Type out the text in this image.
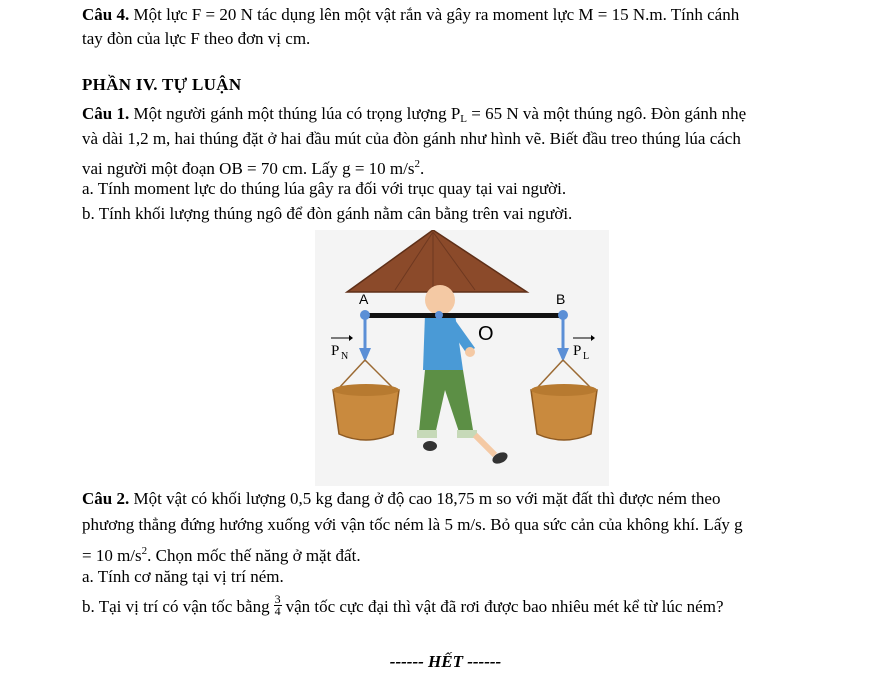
Câu 4. Một lực F = 20 N tác dụng lên một vật rắn và gây ra moment lực M = 15 N.m. Tính cánh
tay đòn của lực F theo đơn vị cm.
PHẦN IV. TỰ LUẬN
Câu 1. Một người gánh một thúng lúa có trọng lượng $P_L = 65$ N và một thúng ngô. Đòn gánh nhẹ
và dài 1,2 m, hai thúng đặt ở hai đầu mút của đòn gánh như hình vẽ. Biết đầu treo thúng lúa cách
vai người một đoạn OB = 70 cm. Lấy g = 10 $m/s^2$.
a. Tính moment lực do thúng lúa gây ra đối với trục quay tại vai người.
b. Tính khối lượng thúng ngô để đòn gánh nằm cân bằng trên vai người.
A	B
O
P N	P L
Câu 2. Một vật có khối lượng 0,5 kg đang ở độ cao 18,75 m so với mặt đất thì được ném theo
phương thẳng đứng hướng xuống với vận tốc ném là 5 m/s. Bỏ qua sức cản của không khí. Lấy g
= 10 $m/s^2$. Chọn mốc thế năng ở mặt đất.
a. Tính cơ năng tại vị trí ném.
b. Tại vị trí có vận tốc bằng $\frac{3}{4}$ vận tốc cực đại thì vật đã rơi được bao nhiêu mét kể từ lúc ném?
------ HẾT ------
